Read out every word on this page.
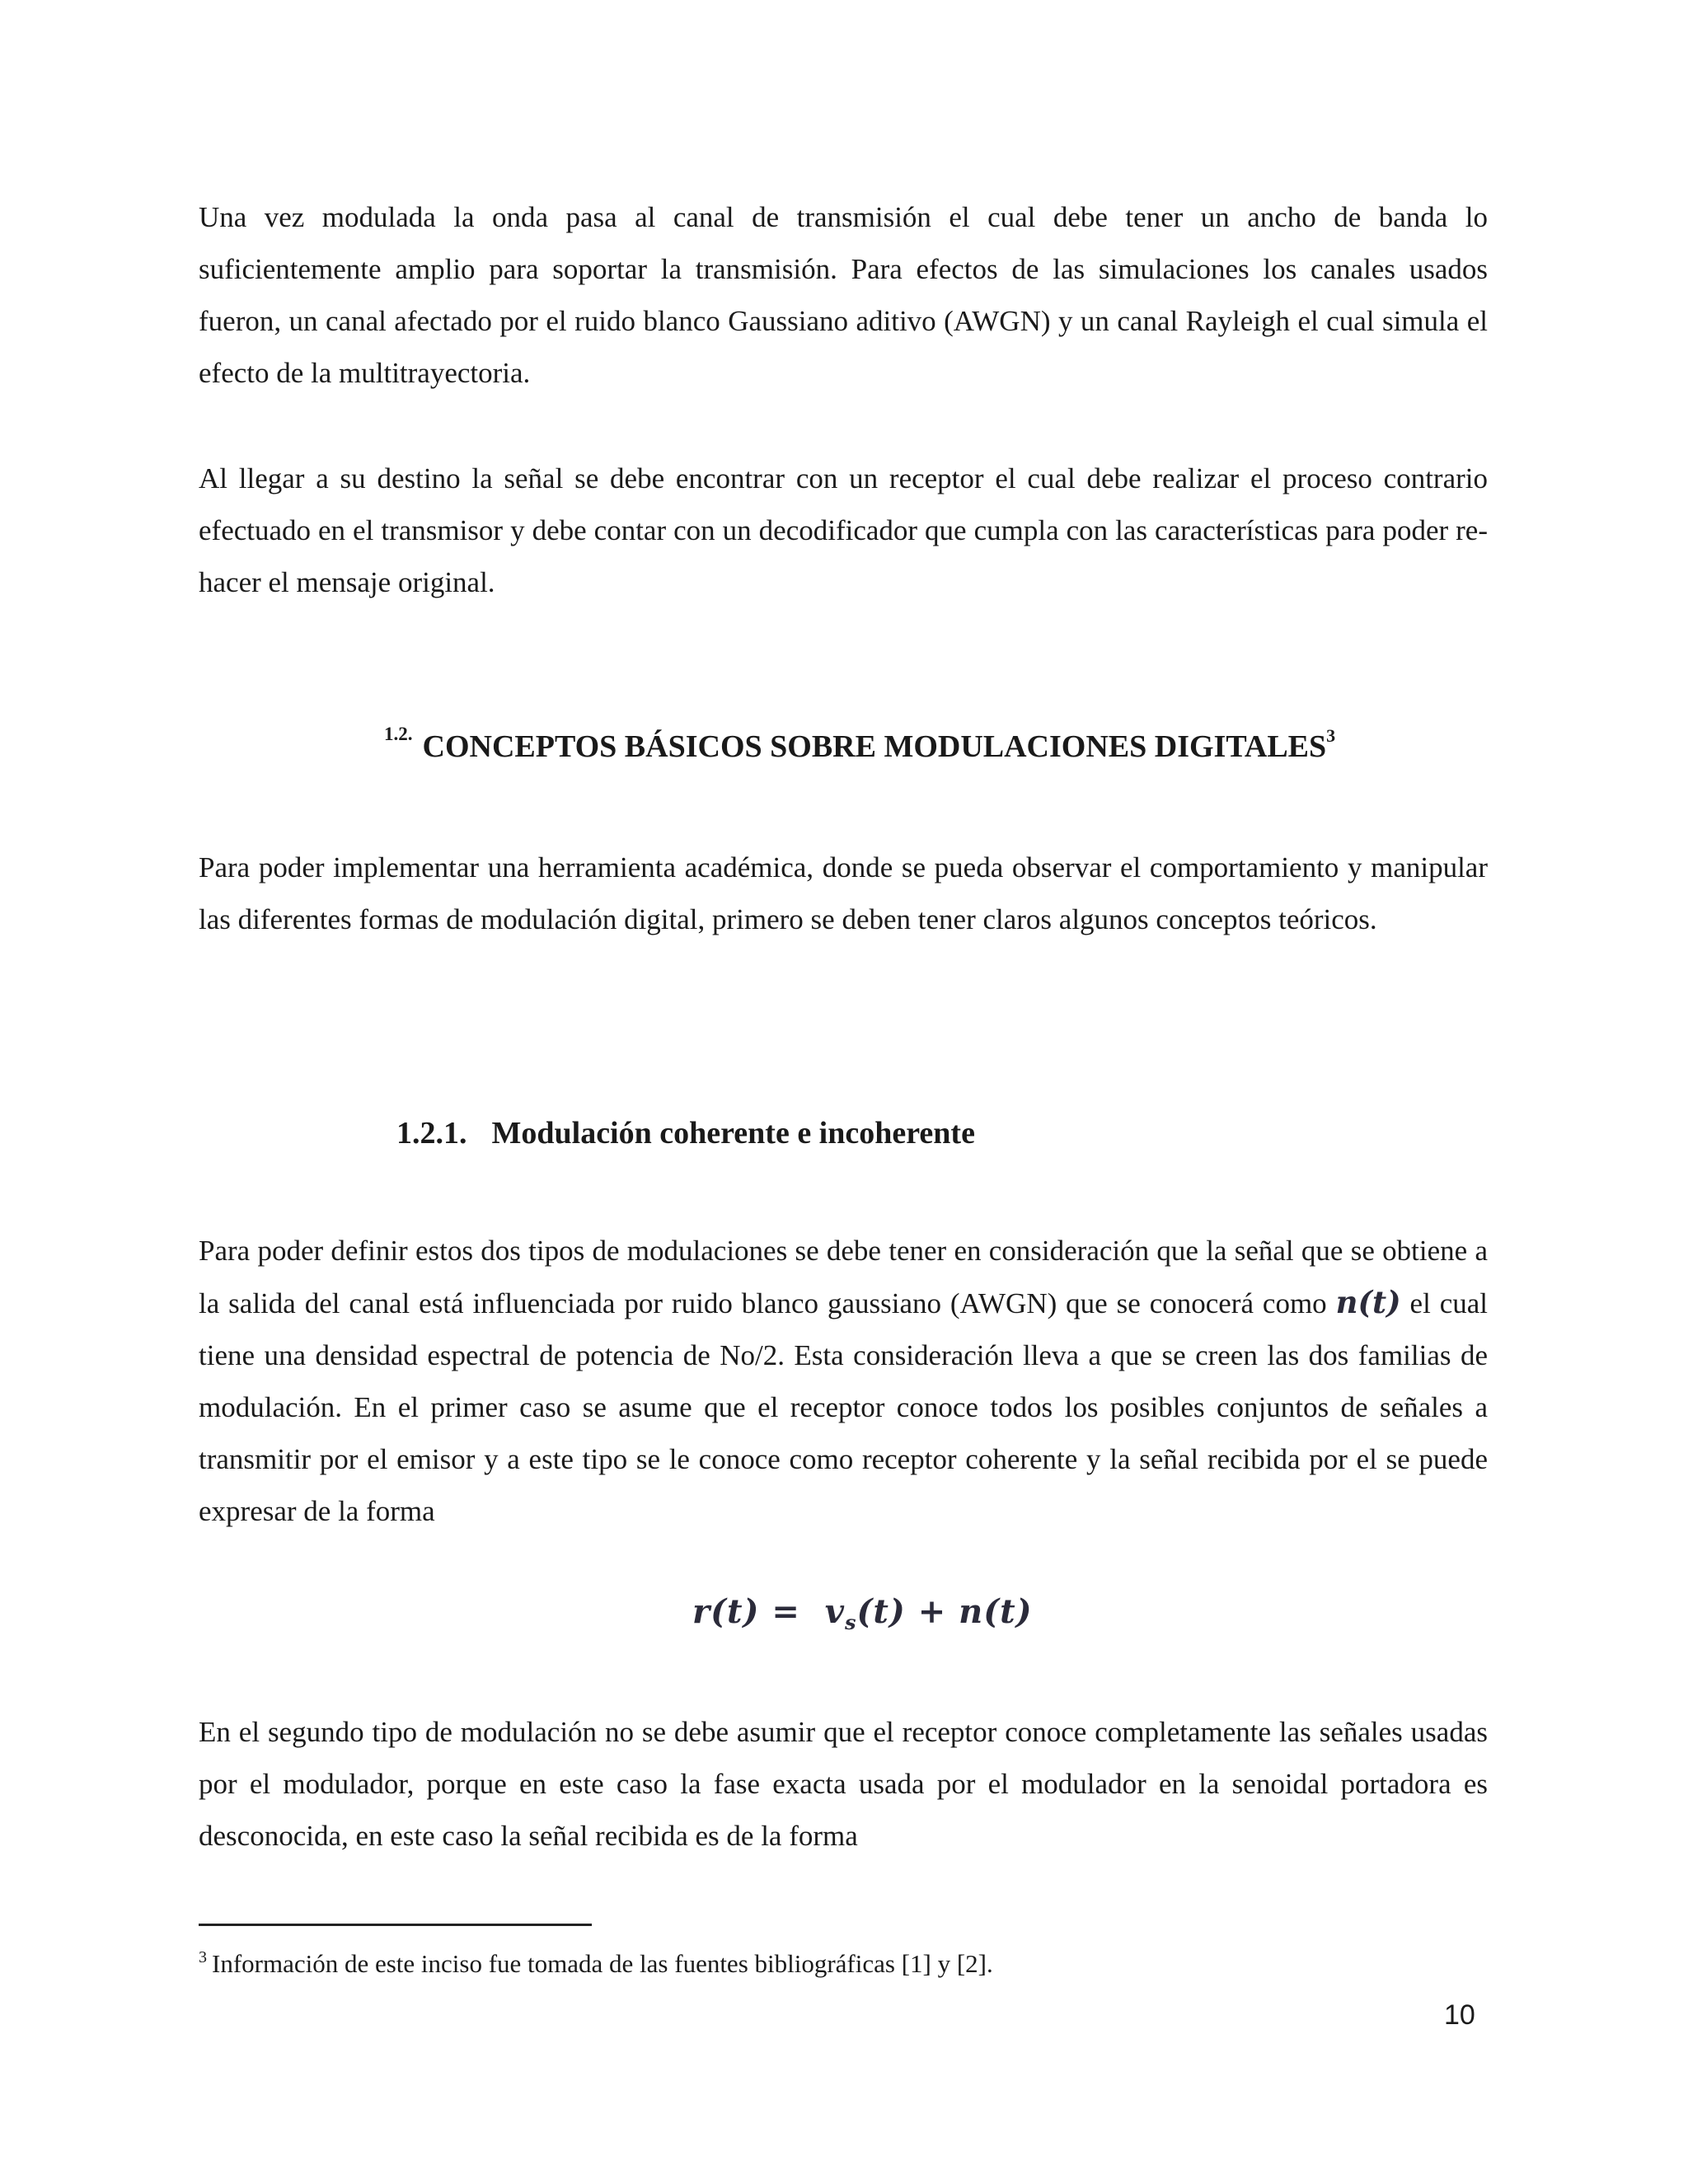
Una vez modulada la onda pasa al canal de transmisión el cual debe tener un ancho de banda lo suficientemente amplio para soportar la transmisión. Para efectos de las simulaciones los canales usados fueron, un canal afectado por el ruido blanco Gaussiano aditivo (AWGN) y un canal Rayleigh el cual simula el efecto de la multitrayectoria.

Al llegar a su destino la señal se debe encontrar con un receptor el cual debe realizar el proceso contrario efectuado en el transmisor y debe contar con un decodificador que cumpla con las características para poder re-hacer el mensaje original.

$^{1.2.}$ CONCEPTOS BÁSICOS SOBRE MODULACIONES DIGITALES$^3$

Para poder implementar una herramienta académica, donde se pueda observar el comportamiento y manipular las diferentes formas de modulación digital, primero se deben tener claros algunos conceptos teóricos.

1.2.1. Modulación coherente e incoherente

Para poder definir estos dos tipos de modulaciones se debe tener en consideración que la señal que se obtiene a la salida del canal está influenciada por ruido blanco gaussiano (AWGN) que se conocerá como n(t) el cual tiene una densidad espectral de potencia de No/2. Esta consideración lleva a que se creen las dos familias de modulación. En el primer caso se asume que el receptor conoce todos los posibles conjuntos de señales a transmitir por el emisor y a este tipo se le conoce como receptor coherente y la señal recibida por el se puede expresar de la forma

$r(t) = v_s(t) + n(t)$

En el segundo tipo de modulación no se debe asumir que el receptor conoce completamente las señales usadas por el modulador, porque en este caso la fase exacta usada por el modulador en la senoidal portadora es desconocida, en este caso la señal recibida es de la forma

$^3$ Información de este inciso fue tomada de las fuentes bibliográficas [1] y [2].

10
